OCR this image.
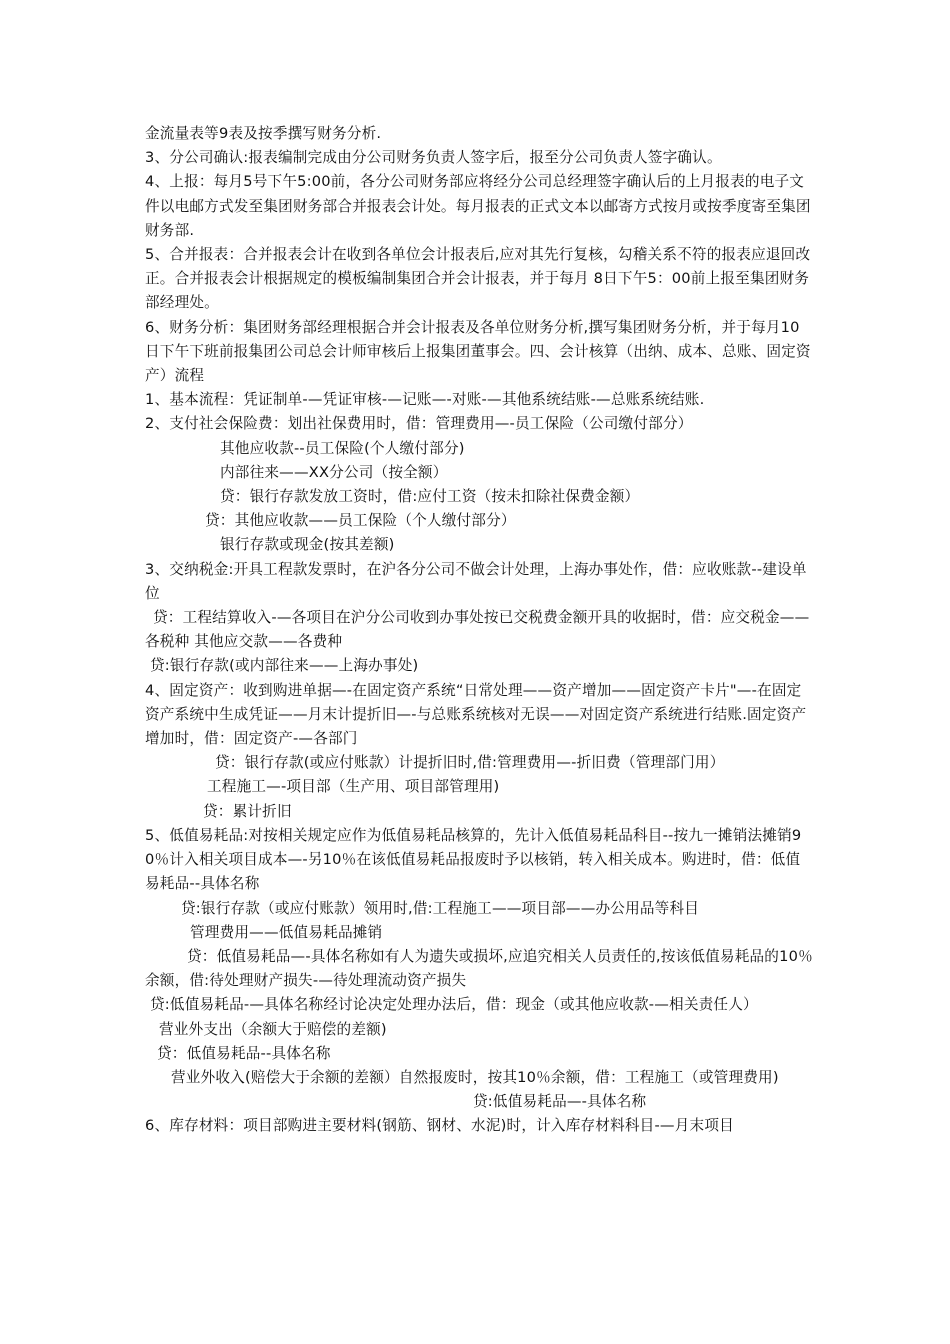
金流量表等9表及按季撰写财务分析.
3、分公司确认:报表编制完成由分公司财务负责人签字后，报至分公司负责人签字确认。
4、上报：每月5号下午5:00前，各分公司财务部应将经分公司总经理签字确认后的上月报表的电子文件以电邮方式发至集团财务部合并报表会计处。每月报表的正式文本以邮寄方式按月或按季度寄至集团财务部.
5、合并报表：合并报表会计在收到各单位会计报表后,应对其先行复核，勾稽关系不符的报表应退回改正。合并报表会计根据规定的模板编制集团合并会计报表，并于每月 8日下午5：00前上报至集团财务部经理处。
6、财务分析：集团财务部经理根据合并会计报表及各单位财务分析,撰写集团财务分析，并于每月10日下午下班前报集团公司总会计师审核后上报集团董事会。四、会计核算（出纳、成本、总账、固定资产）流程
1、基本流程：凭证制单-—凭证审核-—记账—-对账-—其他系统结账-—总账系统结账.
2、支付社会保险费：划出社保费用时，借：管理费用—-员工保险（公司缴付部分）
其他应收款--员工保险(个人缴付部分)
内部往来——XX分公司（按全额）
贷：银行存款发放工资时，借:应付工资（按未扣除社保费金额）
贷：其他应收款——员工保险（个人缴付部分）
银行存款或现金(按其差额)
3、交纳税金:开具工程款发票时，在沪各分公司不做会计处理，上海办事处作，借：应收账款--建设单位
贷：工程结算收入-—各项目在沪分公司收到办事处按已交税费金额开具的收据时，借：应交税金——各税种 其他应交款——各费种
贷:银行存款(或内部往来——上海办事处)
4、固定资产：收到购进单据—-在固定资产系统“日常处理——资产增加——固定资产卡片"—-在固定资产系统中生成凭证——月末计提折旧—-与总账系统核对无误——对固定资产系统进行结账.固定资产增加时，借：固定资产-—各部门
贷：银行存款(或应付账款）计提折旧时,借:管理费用—-折旧费（管理部门用）
工程施工—-项目部（生产用、项目部管理用)
贷：累计折旧
5、低值易耗品:对按相关规定应作为低值易耗品核算的，先计入低值易耗品科目--按九一摊销法摊销90％计入相关项目成本—-另10％在该低值易耗品报废时予以核销，转入相关成本。购进时，借：低值易耗品--具体名称
贷:银行存款（或应付账款）领用时,借:工程施工——项目部——办公用品等科目
管理费用——低值易耗品摊销
贷：低值易耗品—-具体名称如有人为遗失或损坏,应追究相关人员责任的,按该低值易耗品的10％余额，借:待处理财产损失-—待处理流动资产损失
贷:低值易耗品-—具体名称经讨论决定处理办法后，借：现金（或其他应收款-—相关责任人）
营业外支出（余额大于赔偿的差额)
贷：低值易耗品--具体名称
营业外收入(赔偿大于余额的差额）自然报废时，按其10％余额，借：工程施工（或管理费用)
贷:低值易耗品—-具体名称
6、库存材料：项目部购进主要材料(钢筋、钢材、水泥)时，计入库存材料科目-—月末项目
